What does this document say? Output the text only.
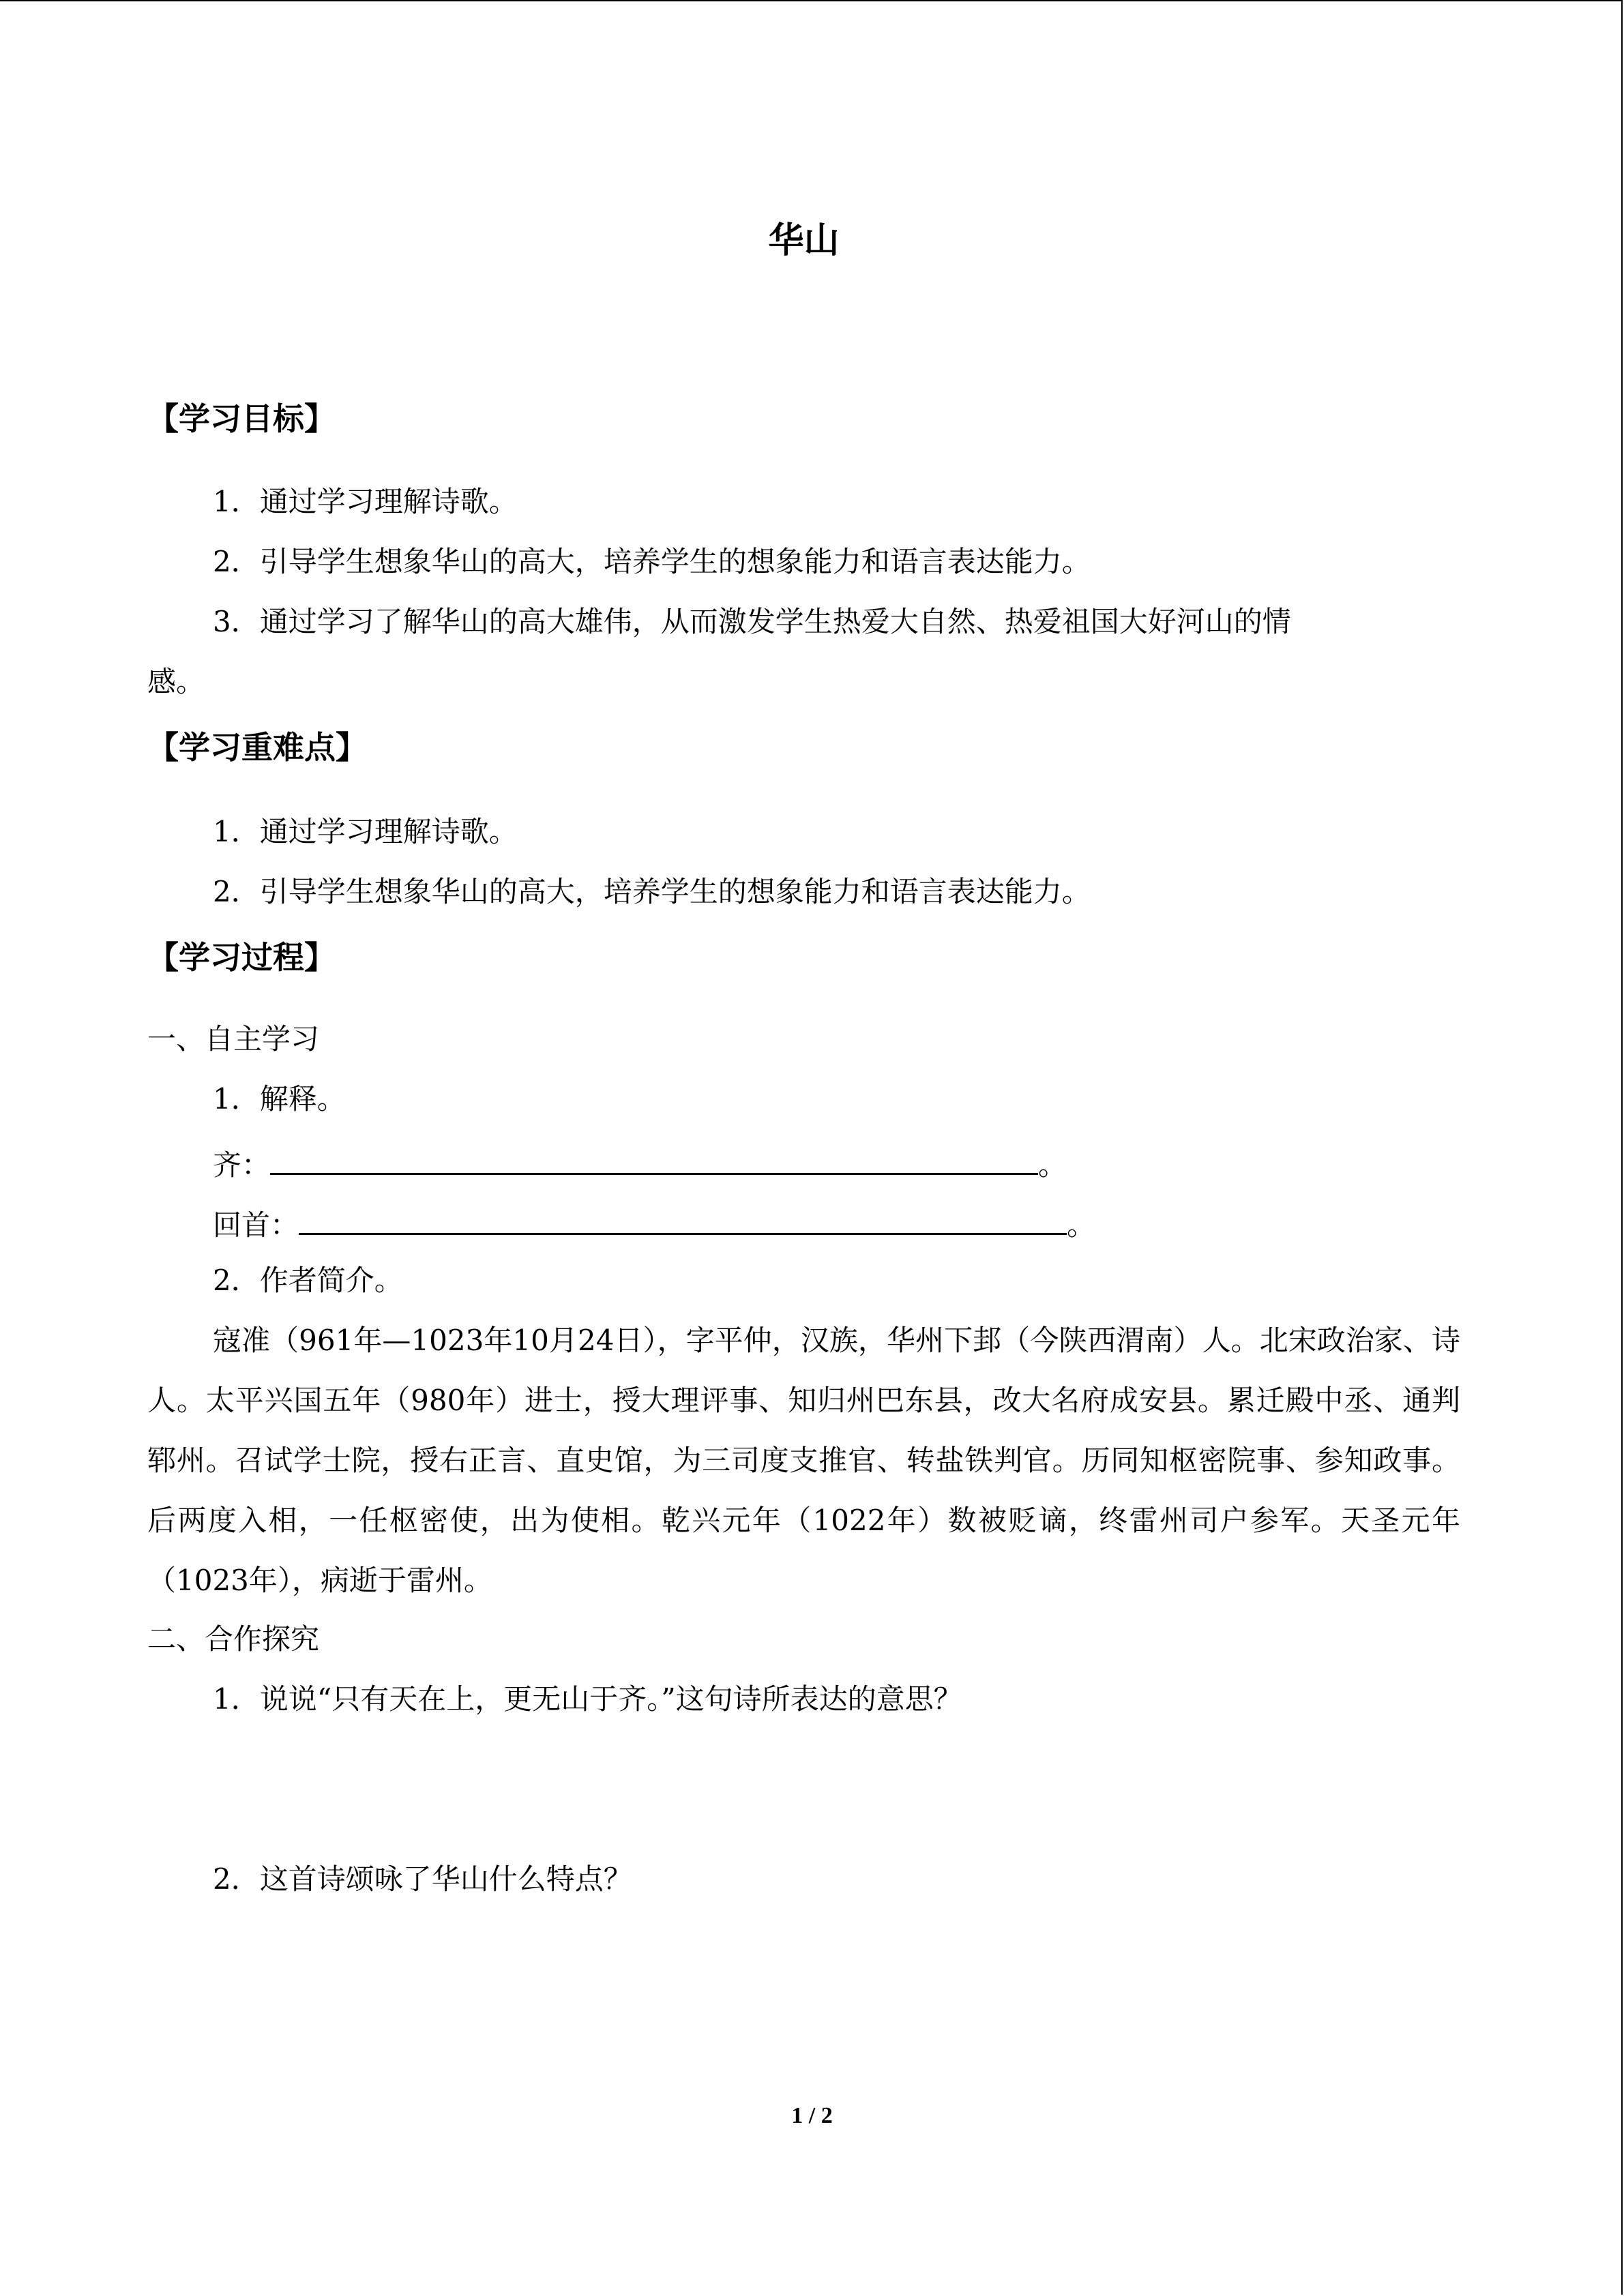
华山
【学习目标】
1．通过学习理解诗歌。
2．引导学生想象华山的高大，培养学生的想象能力和语言表达能力。
3．通过学习了解华山的高大雄伟，从而激发学生热爱大自然、热爱祖国大好河山的情
感。
【学习重难点】
1．通过学习理解诗歌。
2．引导学生想象华山的高大，培养学生的想象能力和语言表达能力。
【学习过程】
一、自主学习
1．解释。
齐：	。
回首：	。
2．作者简介。
寇准（961年—1023年10月24日），字平仲，汉族，华州下邽（今陕西渭南）人。北宋政治家、诗人。太平兴国五年（980年）进士，授大理评事、知归州巴东县，改大名府成安县。累迁殿中丞、通判郓州。召试学士院，授右正言、直史馆，为三司度支推官、转盐铁判官。历同知枢密院事、参知政事。后两度入相，一任枢密使，出为使相。乾兴元年（1022年）数被贬谪，终雷州司户参军。天圣元年（1023年），病逝于雷州。
二、合作探究
1．说说“只有天在上，更无山于齐。”这句诗所表达的意思？
2．这首诗颂咏了华山什么特点？
1 / 2
